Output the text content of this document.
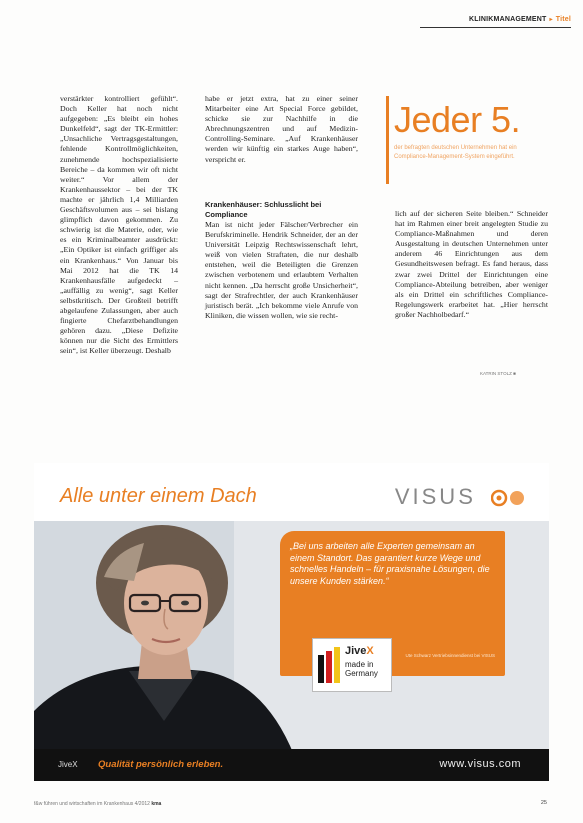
KLINIKMANAGEMENT ▸ Titel

verstärkter kontrolliert gefühlt“. Doch Keller hat noch nicht aufgegeben: „Es bleibt ein hohes Dunkelfeld“, sagt der TK-Ermittler: „Unsachliche Vertragsgestaltungen, fehlende Kontrollmöglichkeiten, zunehmende hochspezialisierte Bereiche – da kommen wir oft nicht weiter.“ Vor allem der Krankenhaussektor – bei der TK machte er jährlich 1,4 Milliarden Geschäftsvolumen aus – sei bislang glimpflich davon gekommen. Zu schwierig ist die Materie, oder, wie es ein Kriminalbeamter ausdrückt: „Ein Optiker ist einfach griffiger als ein Krankenhaus.“ Von Januar bis Mai 2012 hat die TK 14 Krankenhausfälle aufgedeckt – „auffällig zu wenig“, sagt Keller selbstkritisch. Der Großteil betrifft abgelaufene Zulassungen, aber auch fingierte Chefarztbehandlungen gehören dazu. „Diese Defizite können nur die Sicht des Ermittlers sein“, ist Keller überzeugt. Deshalb

habe er jetzt extra, hat zu einer seiner Mitarbeiter eine Art Special Force gebildet, schicke sie zur Nachhilfe in die Abrechnungszentren und auf Medizin-Controlling-Seminare. „Auf Krankenhäuser werden wir künftig ein starkes Auge haben“, verspricht er.

Krankenhäuser: Schlusslicht bei Compliance

Man ist nicht jeder Fälscher/Verbrecher ein Berufskriminelle. Hendrik Schneider, der an der Universität Leipzig Rechtswissenschaft lehrt, weiß von vielen Straftaten, die nur deshalb entstehen, weil die Beteiligten die Grenzen zwischen verbotenem und erlaubtem Verhalten nicht kennen. „Da herrscht große Unsicherheit“, sagt der Strafrechtler, der auch Krankenhäuser juristisch berät. „Ich bekomme viele Anrufe von Kliniken, die wissen wollen, wie sie recht-

Jeder 5.
der befragten deutschen Unternehmen hat ein Compliance-Management-System eingeführt.

lich auf der sicheren Seite bleiben.“ Schneider hat im Rahmen einer breit angelegten Studie zu Compliance-Maßnahmen und deren Ausgestaltung in deutschen Unternehmen unter anderem 46 Einrichtungen aus dem Gesundheitswesen befragt. Es fand heraus, dass zwar zwei Drittel der Einrichtungen eine Compliance-Abteilung betreiben, aber weniger als ein Drittel ein schriftliches Compliance-Regelungswerk erarbeitet hat. „Hier herrscht großer Nachholbedarf.“

KATRIN STOLZ ■
Alle unter einem Dach	VISUS
„Bei uns arbeiten alle Experten gemeinsam an einem Standort. Das garantiert kurze Wege und schnelles Handeln – für praxisnahe Lösungen, die unsere Kunden stärken.“
Ute Schwarz Vertriebsinnendienst bei VISUS
JiveX
made in
Germany
JiveX Qualität persönlich erleben.	www.visus.com
f&w führen und wirtschaften im Krankenhaus 4/2012 kma	25
